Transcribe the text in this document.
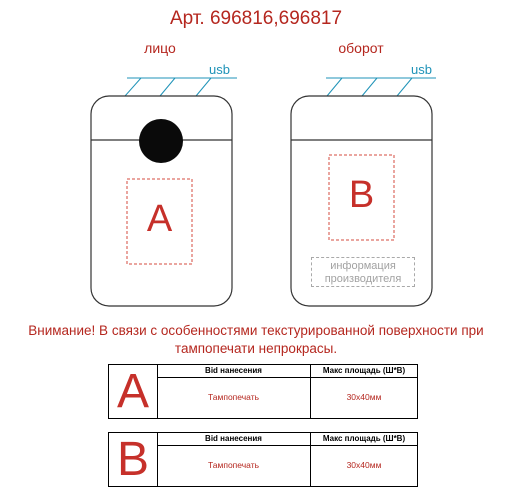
Арт. 696816,696817
лицо	оборот
usb	usb
A
B
информация производителя
Внимание! В связи с особенностями текстурированной поверхности при тампопечати непрокрасы.
A	Вid нанесения	Макс площадь (Ш*В)
Тампопечать	30х40мм
B	Вid нанесения	Макс площадь (Ш*В)
Тампопечать	30х40мм
